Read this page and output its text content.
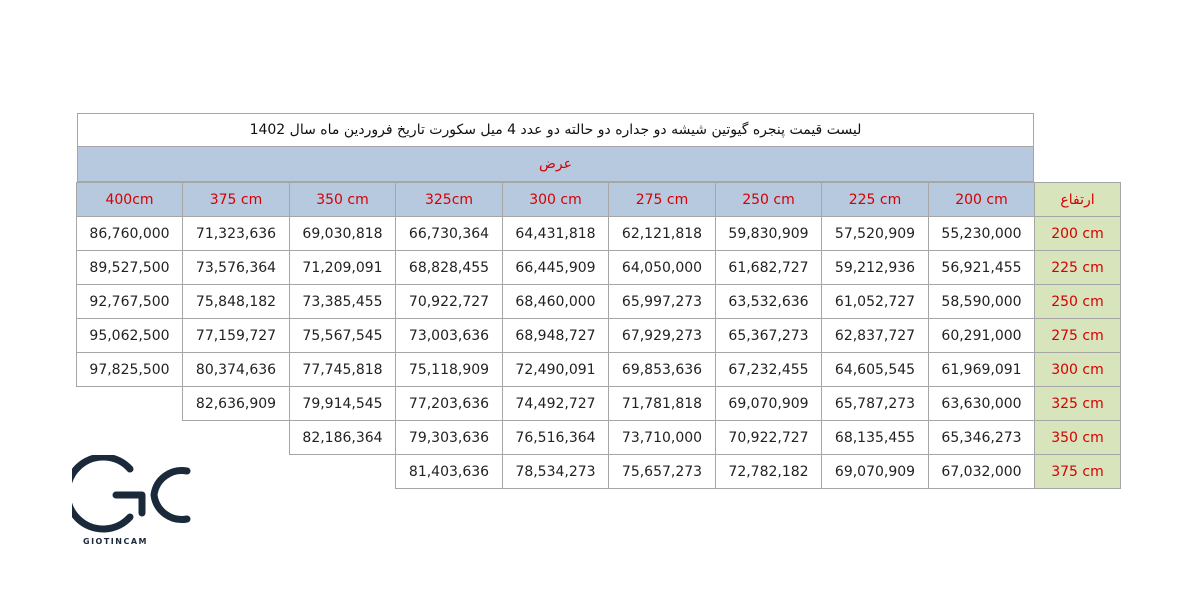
لیست قیمت پنجره گیوتین شیشه دو جداره دو حالته دو عدد 4 میل سکورت تاریخ فروردین ماه سال 1402
عرض
ارتفاع
200 cm
225 cm
250 cm
275 cm
300 cm
325cm
350 cm
375 cm
400cm
200 cm
55,230,000
57,520,909
59,830,909
62,121,818
64,431,818
66,730,364
69,030,818
71,323,636
86,760,000
225 cm
56,921,455
59,212,936
61,682,727
64,050,000
66,445,909
68,828,455
71,209,091
73,576,364
89,527,500
250 cm
58,590,000
61,052,727
63,532,636
65,997,273
68,460,000
70,922,727
73,385,455
75,848,182
92,767,500
275 cm
60,291,000
62,837,727
65,367,273
67,929,273
68,948,727
73,003,636
75,567,545
77,159,727
95,062,500
300 cm
61,969,091
64,605,545
67,232,455
69,853,636
72,490,091
75,118,909
77,745,818
80,374,636
97,825,500
325 cm
63,630,000
65,787,273
69,070,909
71,781,818
74,492,727
77,203,636
79,914,545
82,636,909
350 cm
65,346,273
68,135,455
70,922,727
73,710,000
76,516,364
79,303,636
82,186,364
375 cm
67,032,000
69,070,909
72,782,182
75,657,273
78,534,273
81,403,636
GIOTINCAM
